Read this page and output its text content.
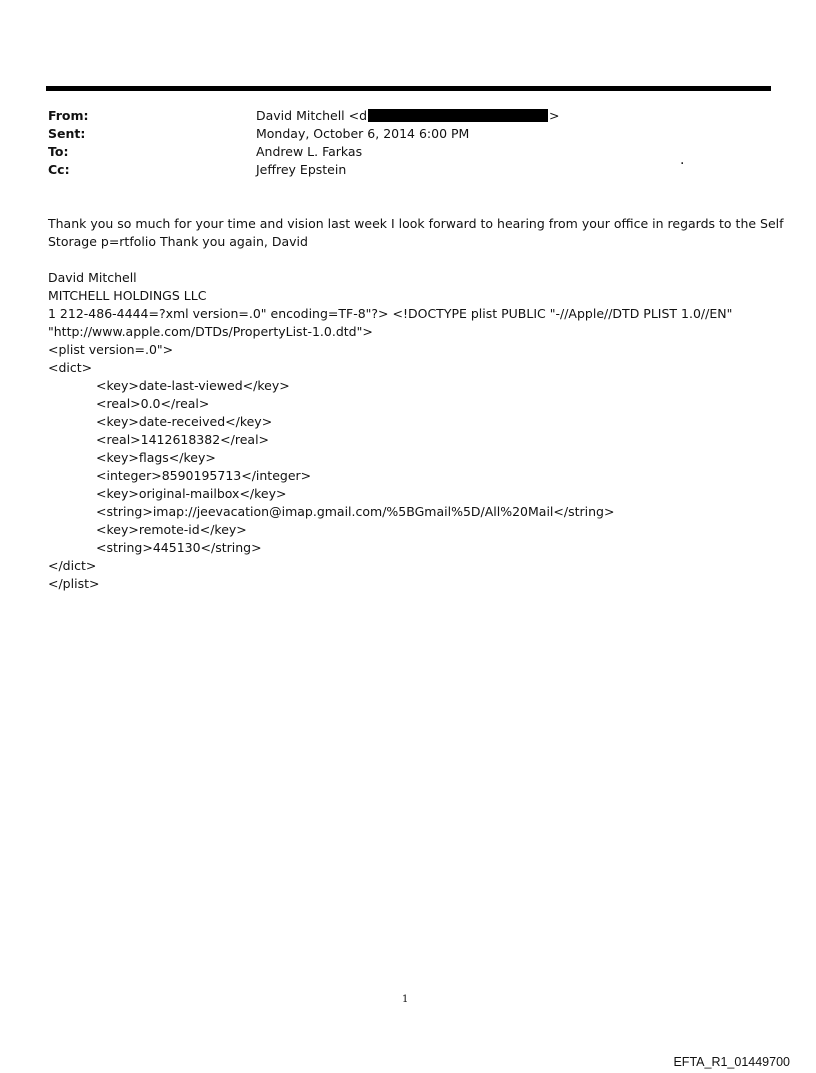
From:	David Mitchell <d	>
Sent:	Monday, October 6, 2014 6:00 PM
To:	Andrew L. Farkas
Cc:	Jeffrey Epstein
.
Thank you so much for your time and vision last week I look forward to hearing from your office in regards to the Self
Storage p=rtfolio Thank you again, David
David Mitchell
MITCHELL HOLDINGS LLC
1 212-486-4444=?xml version=.0" encoding=TF-8"?> <!DOCTYPE plist PUBLIC "-//Apple//DTD PLIST 1.0//EN"
"http://www.apple.com/DTDs/PropertyList-1.0.dtd">
<plist version=.0">
<dict>
<key>date-last-viewed</key>
<real>0.0</real>
<key>date-received</key>
<real>1412618382</real>
<key>flags</key>
<integer>8590195713</integer>
<key>original-mailbox</key>
<string>imap://jeevacation@imap.gmail.com/%5BGmail%5D/All%20Mail</string>
<key>remote-id</key>
<string>445130</string>
</dict>
</plist>
1
EFTA_R1_01449700
